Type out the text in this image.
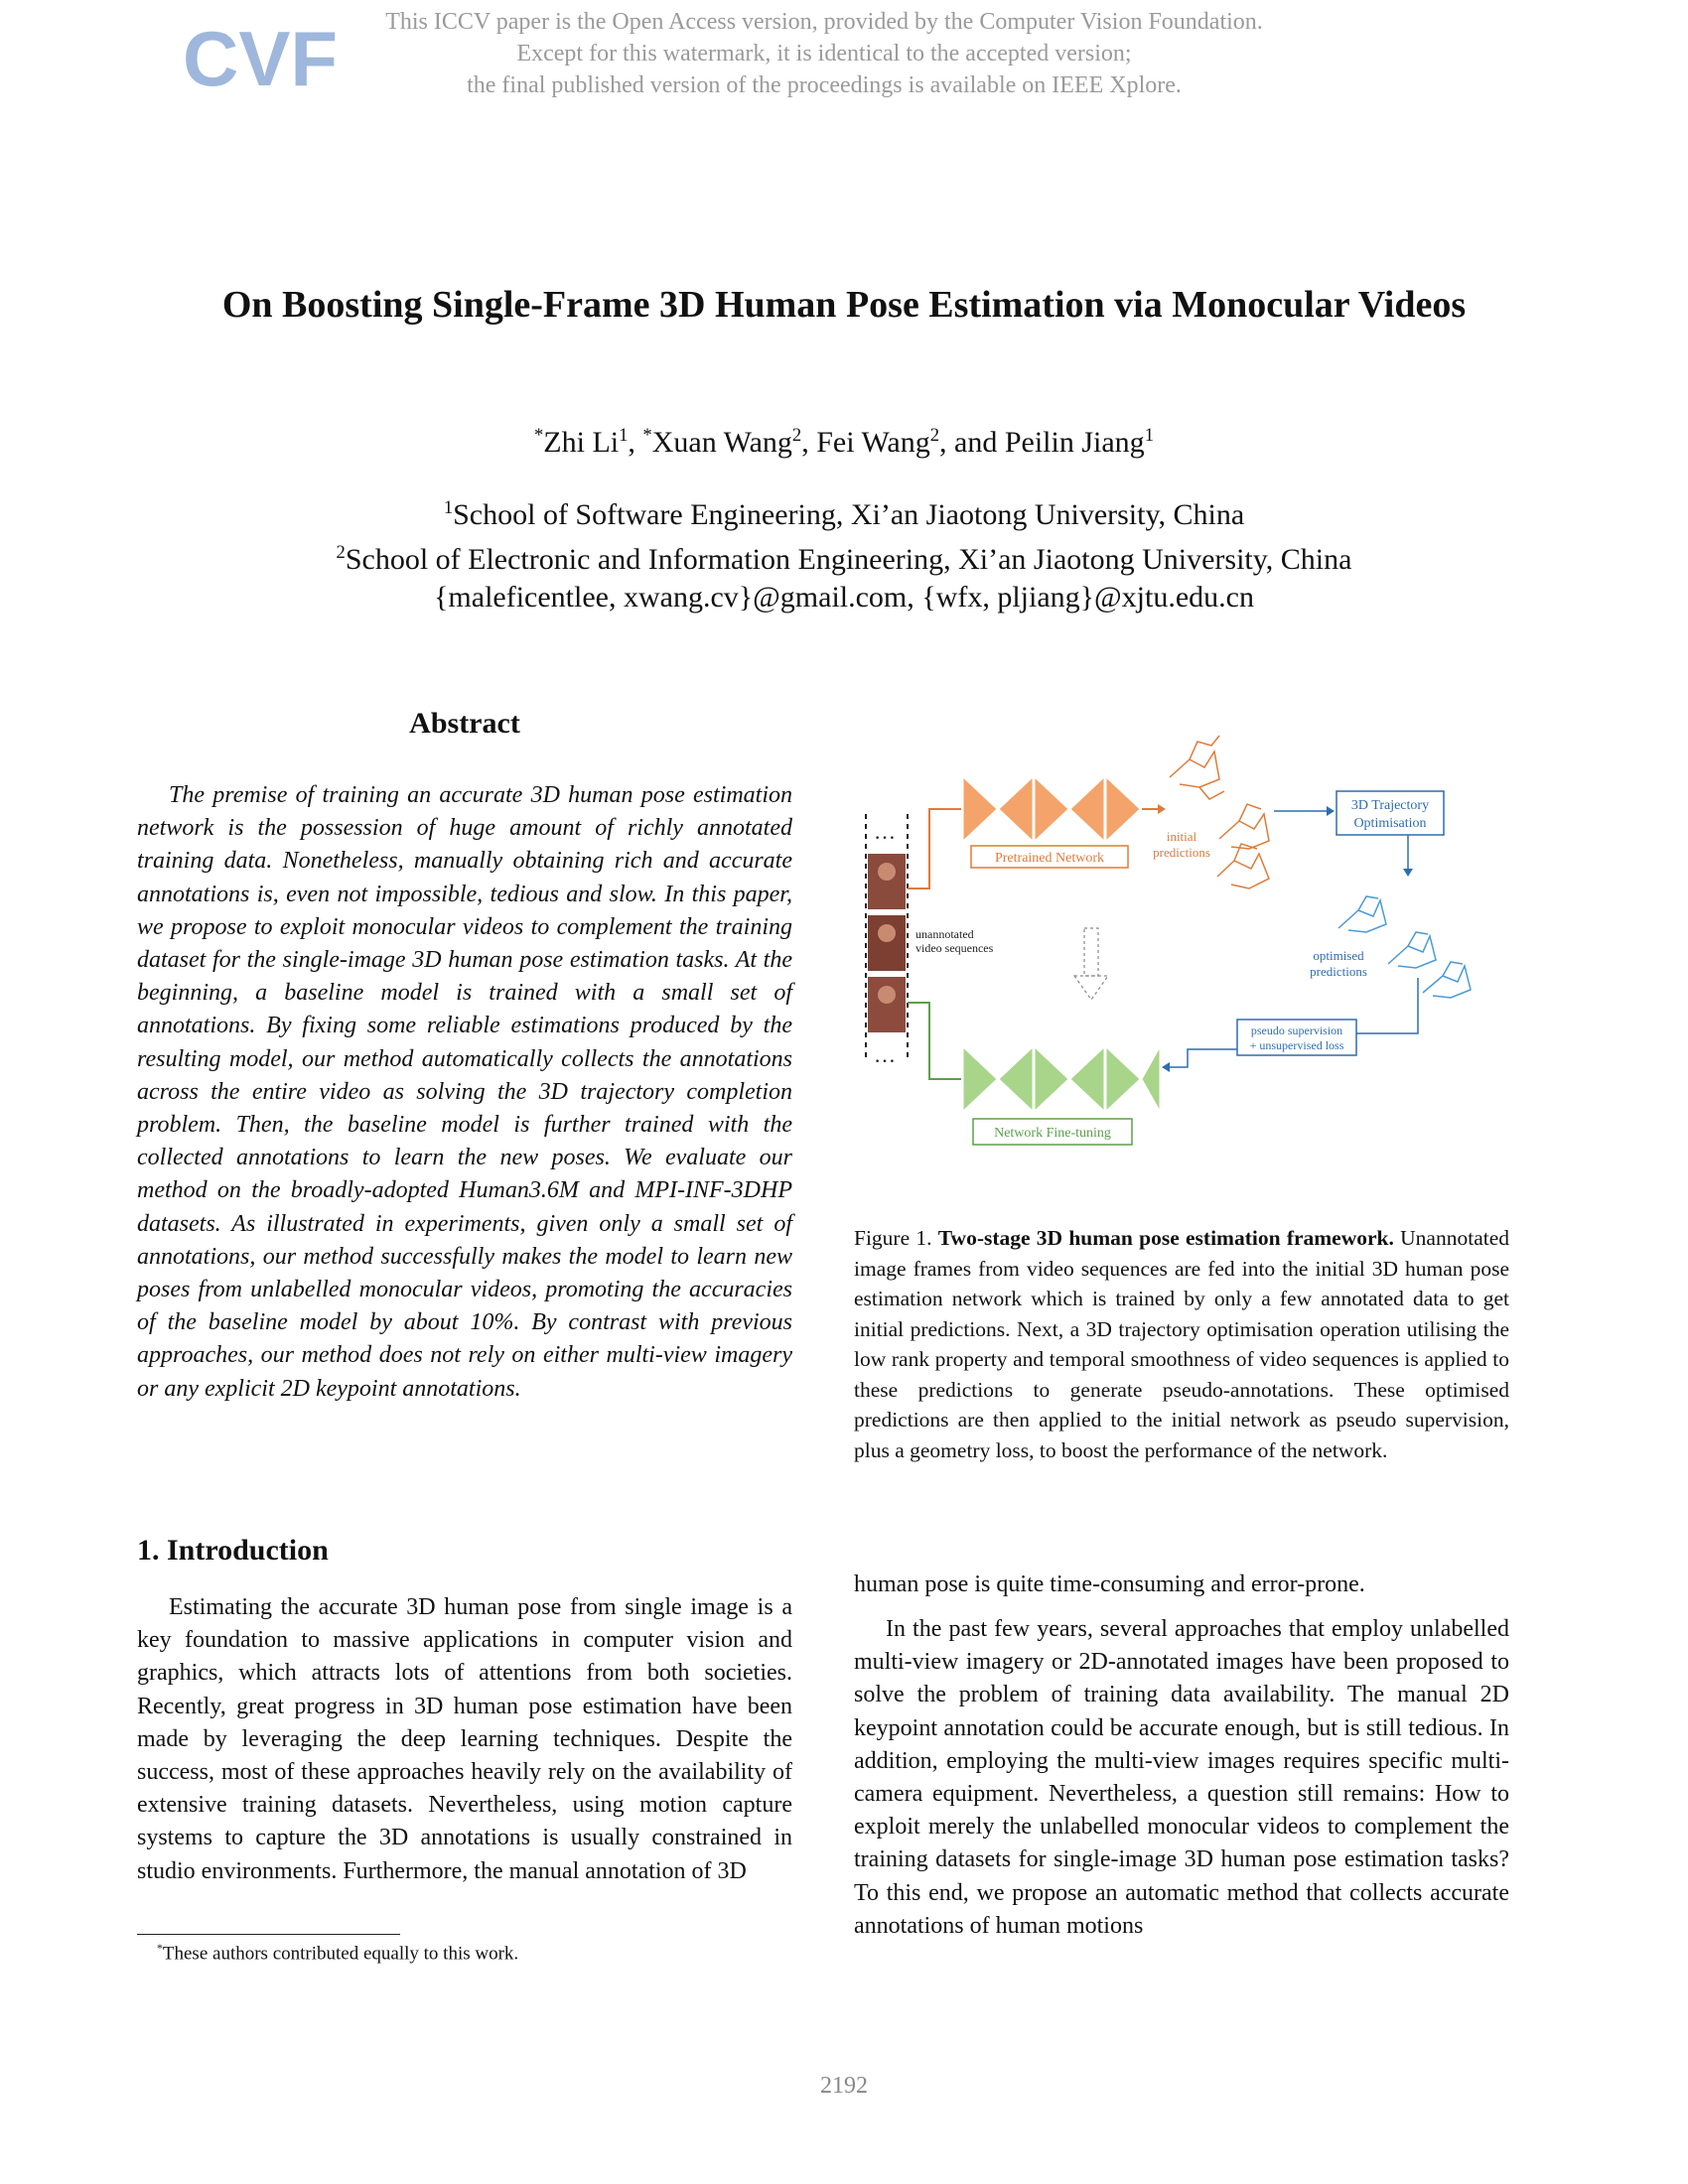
CVF	This ICCV paper is the Open Access version, provided by the Computer Vision Foundation.
Except for this watermark, it is identical to the accepted version;
the final published version of the proceedings is available on IEEE Xplore.
On Boosting Single-Frame 3D Human Pose Estimation via Monocular Videos
*Zhi Li$^1$, *Xuan Wang$^2$, Fei Wang$^2$, and Peilin Jiang$^1$
$^1$School of Software Engineering, Xi’an Jiaotong University, China
$^2$School of Electronic and Information Engineering, Xi’an Jiaotong University, China
{maleficentlee, xwang.cv}@gmail.com, {wfx, pljiang}@xjtu.edu.cn
Abstract
The premise of training an accurate 3D human pose estimation network is the possession of huge amount of richly annotated training data. Nonetheless, manually obtaining rich and accurate annotations is, even not impossible, tedious and slow. In this paper, we propose to exploit monocular videos to complement the training dataset for the single-image 3D human pose estimation tasks. At the beginning, a baseline model is trained with a small set of annotations. By fixing some reliable estimations produced by the resulting model, our method automatically collects the annotations across the entire video as solving the 3D trajectory completion problem. Then, the baseline model is further trained with the collected annotations to learn the new poses. We evaluate our method on the broadly-adopted Human3.6M and MPI-INF-3DHP datasets. As illustrated in experiments, given only a small set of annotations, our method successfully makes the model to learn new poses from unlabelled monocular videos, promoting the accuracies of the baseline model by about 10%. By contrast with previous approaches, our method does not rely on either multi-view imagery or any explicit 2D keypoint annotations.
…
…
unannotated
video sequences
Pretrained Network
initial
predictions
3D Trajectory
Optimisation
optimised
predictions
pseudo supervision
+ unsupervised loss
Network Fine-tuning
Figure 1. Two-stage 3D human pose estimation framework. Unannotated image frames from video sequences are fed into the initial 3D human pose estimation network which is trained by only a few annotated data to get initial predictions. Next, a 3D trajectory optimisation operation utilising the low rank property and temporal smoothness of video sequences is applied to these predictions to generate pseudo-annotations. These optimised predictions are then applied to the initial network as pseudo supervision, plus a geometry loss, to boost the performance of the network.
1. Introduction
Estimating the accurate 3D human pose from single image is a key foundation to massive applications in computer vision and graphics, which attracts lots of attentions from both societies. Recently, great progress in 3D human pose estimation have been made by leveraging the deep learning techniques. Despite the success, most of these approaches heavily rely on the availability of extensive training datasets. Nevertheless, using motion capture systems to capture the 3D annotations is usually constrained in studio environments. Furthermore, the manual annotation of 3D
human pose is quite time-consuming and error-prone.
In the past few years, several approaches that employ unlabelled multi-view imagery or 2D-annotated images have been proposed to solve the problem of training data availability. The manual 2D keypoint annotation could be accurate enough, but is still tedious. In addition, employing the multi-view images requires specific multi-camera equipment. Nevertheless, a question still remains: How to exploit merely the unlabelled monocular videos to complement the training datasets for single-image 3D human pose estimation tasks? To this end, we propose an automatic method that collects accurate annotations of human motions
*These authors contributed equally to this work.
2192
